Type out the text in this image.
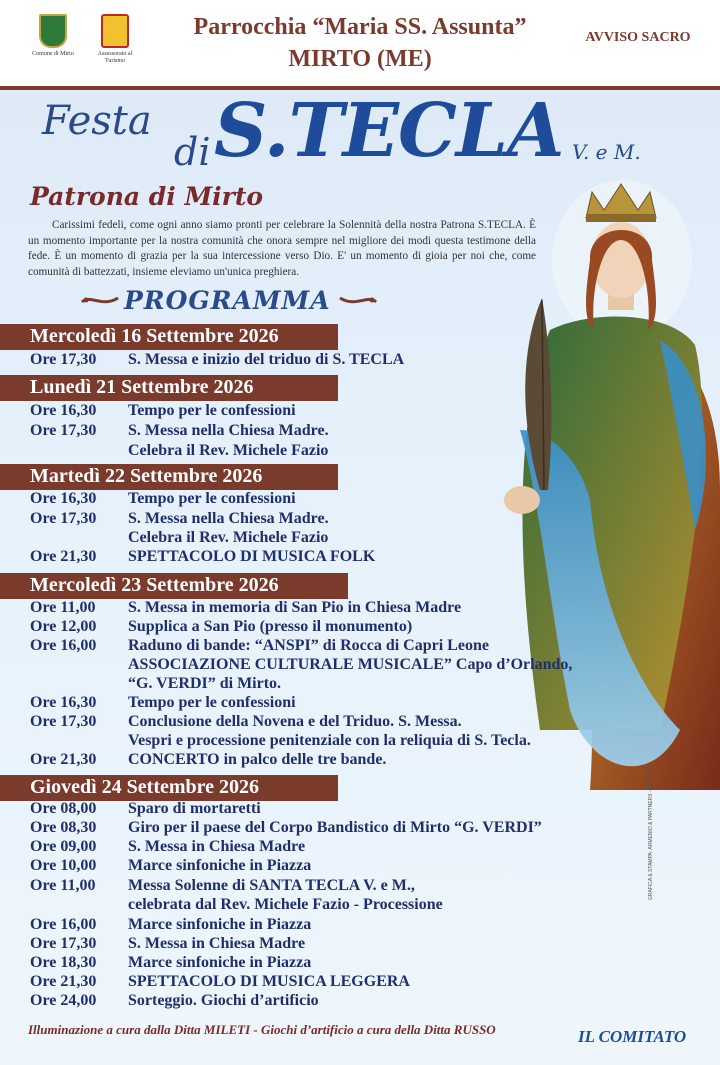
Comune di Mirto	Assessorato al Turismo
Parrocchia “Maria SS. Assunta”
MIRTO (ME)
AVVISO SACRO
Festa
di S.TECLA V. e M.
Patrona di Mirto
Carissimi fedeli, come ogni anno siamo pronti per celebrare la Solennità della nostra Patrona S.TECLA. È un momento importante per la nostra comunità che onora sempre nel migliore dei modi questa testimone della fede. È un momento di grazia per la sua intercessione verso Dio. E' un momento di gioia per noi che, come comunità di battezzati, insieme eleviamo un'unica preghiera.
PROGRAMMA
Mercoledì 16 Settembre 2026
Ore 17,30 S. Messa e inizio del triduo di S. TECLA
Lunedì 21 Settembre 2026
Ore 16,30 Tempo per le confessioni
Ore 17,30 S. Messa nella Chiesa Madre.
Celebra il Rev. Michele Fazio
Martedì 22 Settembre 2026
Ore 16,30 Tempo per le confessioni
Ore 17,30 S. Messa nella Chiesa Madre.
Celebra il Rev. Michele Fazio
Ore 21,30 SPETTACOLO DI MUSICA FOLK
Mercoledì 23 Settembre 2026
Ore 11,00 S. Messa in memoria di San Pio in Chiesa Madre
Ore 12,00 Supplica a San Pio (presso il monumento)
Ore 16,00 Raduno di bande: “ANSPI” di Rocca di Capri Leone
ASSOCIAZIONE CULTURALE MUSICALE” Capo d’Orlando,
“G. VERDI” di Mirto.
Ore 16,30 Tempo per le confessioni
Ore 17,30 Conclusione della Novena e del Triduo. S. Messa.
Vespri e processione penitenziale con la reliquia di S. Tecla.
Ore 21,30 CONCERTO in palco delle tre bande.
Giovedì 24 Settembre 2026
Ore 08,00 Sparo di mortaretti
Ore 08,30 Giro per il paese del Corpo Bandistico di Mirto “G. VERDI”
Ore 09,00 S. Messa in Chiesa Madre
Ore 10,00 Marce sinfoniche in Piazza
Ore 11,00 Messa Solenne di SANTA TECLA V. e M.,
celebrata dal Rev. Michele Fazio - Processione
Ore 16,00 Marce sinfoniche in Piazza
Ore 17,30 S. Messa in Chiesa Madre
Ore 18,30 Marce sinfoniche in Piazza
Ore 21,30 SPETTACOLO DI MUSICA LEGGERA
Ore 24,00 Sorteggio. Giochi d’artificio
Illuminazione a cura dalla Ditta MILETI - Giochi d’artificio a cura della Ditta RUSSO	IL COMITATO
GRAFICA & STAMPA: ARMENIO & PARTNERS - BROLO
